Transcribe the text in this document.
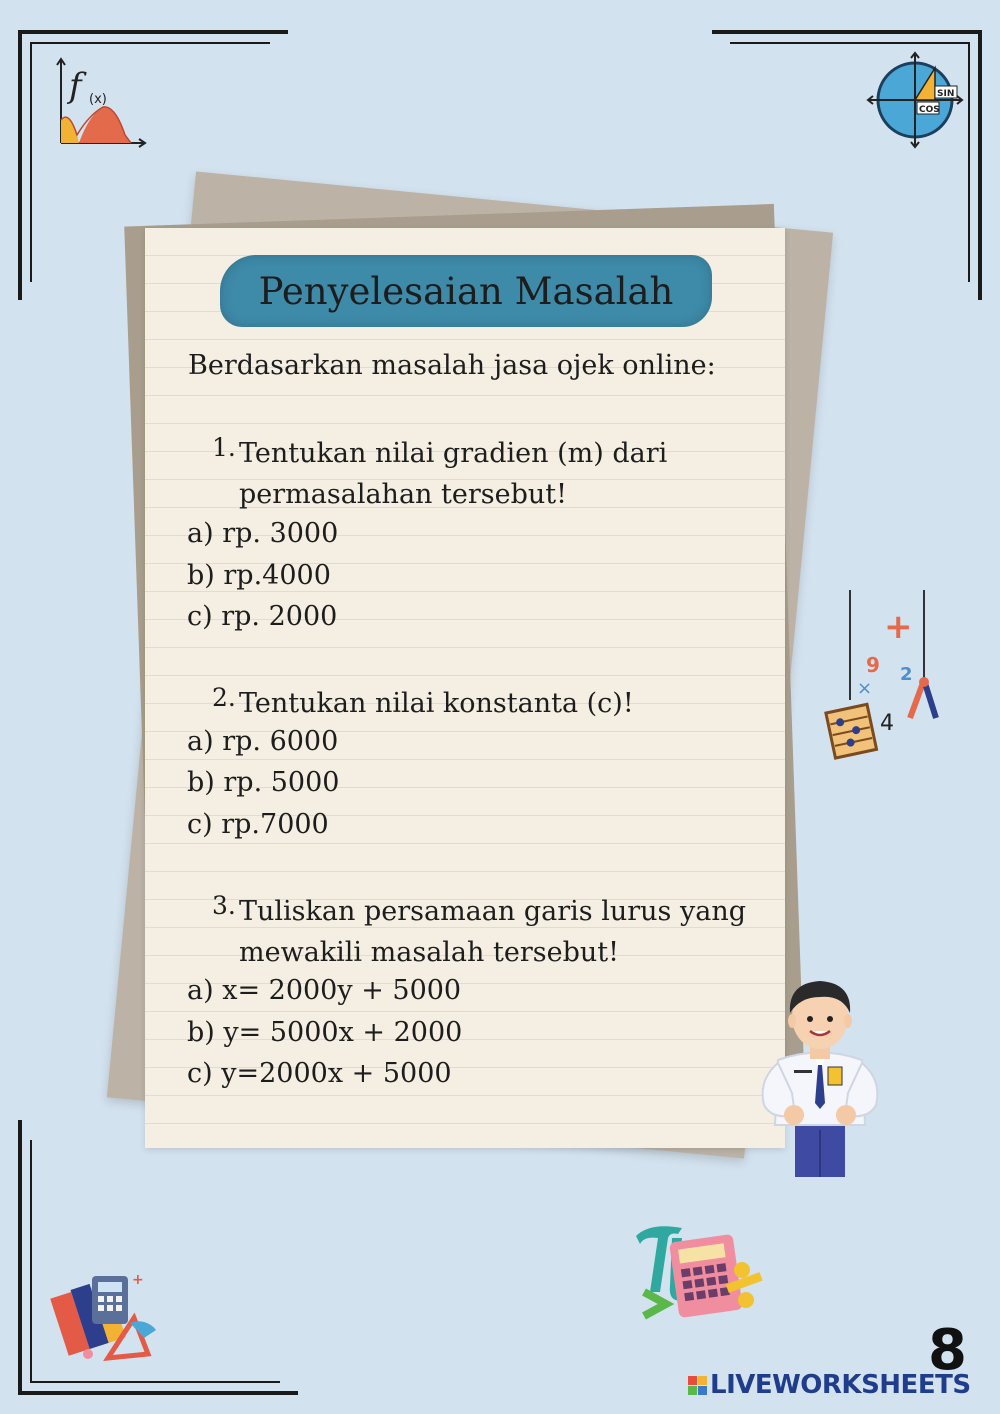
f (x)	SIN
COS
Penyelesaian Masalah
Berdasarkan masalah jasa ojek online:
1. Tentukan nilai gradien (m) dari permasalahan tersebut!
a) rp. 3000
b) rp.4000
c) rp. 2000
2. Tentukan nilai konstanta (c)!
a) rp. 6000
b) rp. 5000
c) rp.7000
3. Tuliskan persamaan garis lurus yang mewakili masalah tersebut!
a) x= 2000y + 5000
b) y= 5000x + 2000
c) y=2000x + 5000
+
9 2
×
4
+
8
LIVEWORKSHEETS
